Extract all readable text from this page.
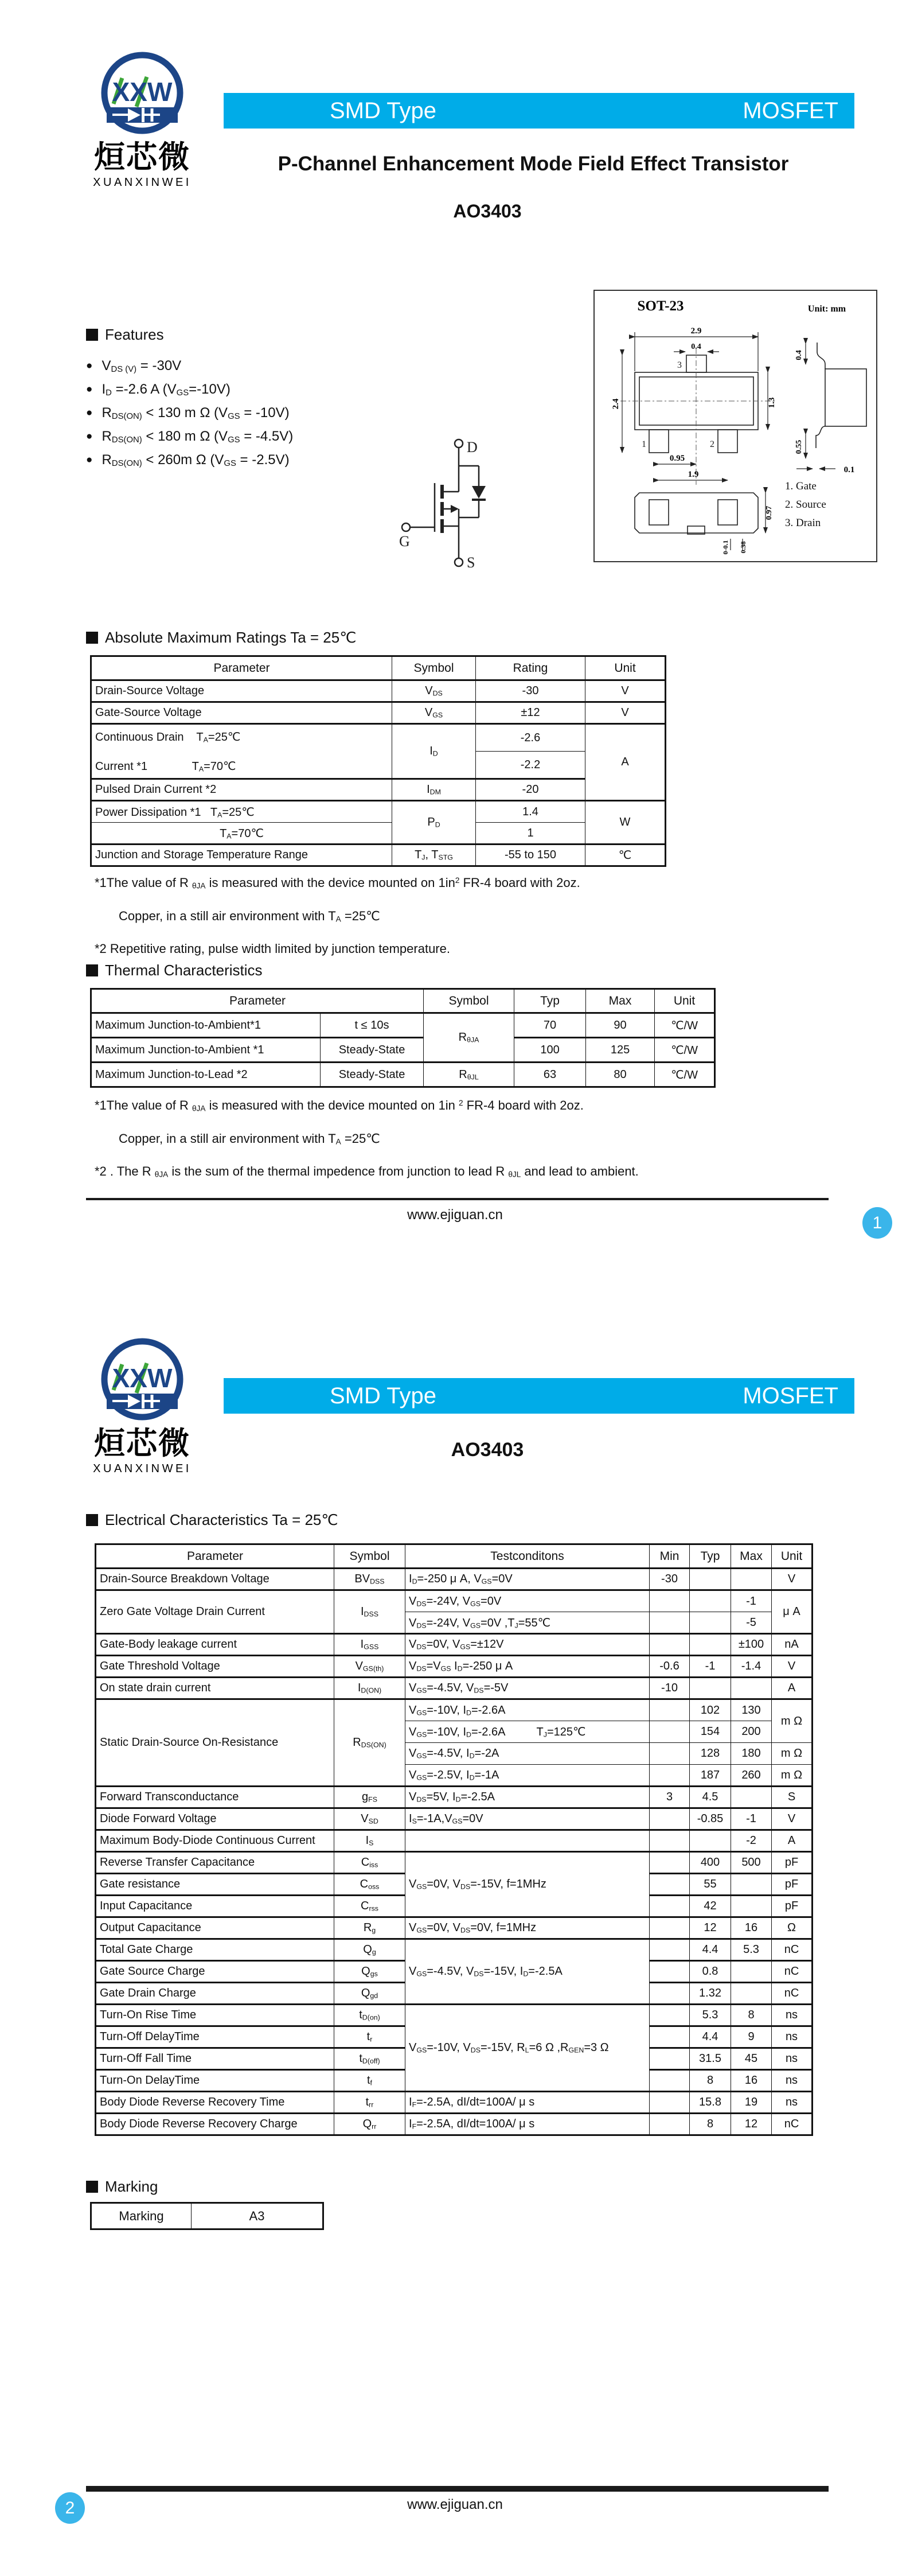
XXW
烜芯微
XUANXINWEI
SMD Type	MOSFET
P-Channel Enhancement Mode Field Effect Transistor
AO3403
Features
● $V_{DS (V)} = -30V$
● $I_D =-2.6$ A $(V_{GS}=-10V)$
● $R_{DS(ON)} < 130$ m Ω $(V_{GS} = -10V)$
● $R_{DS(ON)} < 180$ m Ω $(V_{GS} = -4.5V)$
● $R_{DS(ON)} < 260m$ Ω $(V_{GS} = -2.5V)$
D
G
S
SOT-23	Unit: mm
2.9
0.4
2.4	1.3
0.95
1.9
1	2
3
0.4
0.55
0.1
0.97
0-0.1 0.38
1. Gate
2. Source
3. Drain
Absolute Maximum Ratings Ta = 25℃
Parameter	Symbol	Rating	Unit
Drain-Source Voltage	$V_{DS}$	-30	V
Gate-Source Voltage	$V_{GS}$	±12	V

Continuous Drain    $T_A=25℃$
Current *1              $T_A=70℃$	$I_D$	-2.6	A
		-2.2	
Pulsed Drain Current *2	$I_{DM}$	-20	
Power Dissipation *1   $T_A=25℃$	$P_D$	1.4	W
$T_A=70℃$		1	
Junction and Storage Temperature Range	$T_J$, $T_{STG}$	-55 to 150	℃
*1The value of R $_{\theta JA}$ is measured with the device mounted on $1in^2$ FR-4 board with 2oz.
Copper, in a still air environment with $T_A$ =25℃
*2 Repetitive rating, pulse width limited by junction temperature.
Thermal Characteristics
Parameter		Symbol	Typ	Max	Unit
Maximum Junction-to-Ambient*1	t ≤ 10s	$R_{\theta JA}$	70	90	℃/W
Maximum Junction-to-Ambient *1	Steady-State		100	125	℃/W
Maximum Junction-to-Lead *2	Steady-State	$R_{\theta JL}$	63	80	℃/W
*1The value of R $_{\theta JA}$ is measured with the device mounted on 1in $^2$ FR-4 board with 2oz.
Copper, in a still air environment with $T_A$ =25℃
*2 . The R $_{\theta JA}$ is the sum of the thermal impedence from junction to lead R $_{\theta JL}$ and lead to ambient.
www.ejiguan.cn	1
XXW
烜芯微
XUANXINWEI
SMD Type	MOSFET
AO3403
Electrical Characteristics Ta = 25℃
Parameter	Symbol	Testconditons	Min	Typ	Max	Unit
Drain-Source Breakdown Voltage	$BV_{DSS}$	$I_D=-250$ μ A, $V_{GS}=0V$	-30			V
Zero Gate Voltage Drain Current	$I_{DSS}$	$V_{DS}=-24V$, $V_{GS}=0V$			-1	μ A
		$V_{DS}=-24V$, $V_{GS}=0V$ $,T_J=55℃$			-5	
Gate-Body leakage current	$I_{GSS}$	$V_{DS}=0V$, $V_{GS}=\pm 12V$			±100	nA
Gate Threshold Voltage	$V_{GS(th)}$	$V_{DS}=V_{GS}$ $I_D=-250$ μ A	-0.6	-1	-1.4	V
On state drain current	$I_{D(ON)}$	$V_{GS}=-4.5V$, $V_{DS}=-5V$	-10			A
Static Drain-Source On-Resistance	$R_{DS(ON)}$	$V_{GS}=-10V$, $I_D=-2.6A$		102	130	m Ω
		$V_{GS}=-10V$, $I_D=-2.6A$          $T_J=125℃$		154	200	
		$V_{GS}=-4.5V$, $I_D=-2A$		128	180	m Ω
		$V_{GS}=-2.5V$, $I_D=-1A$		187	260	m Ω
Forward Transconductance	$g_{FS}$	$V_{DS}=5V$, $I_D=-2.5A$	3	4.5		S
Diode Forward Voltage	$V_{SD}$	$I_S=-1A,V_{GS}=0V$		-0.85	-1	V
Maximum Body-Diode Continuous Current	$I_S$				-2	A
Reverse Transfer Capacitance	$C_{iss}$	$V_{GS}=0V$, $V_{DS}=-15V$, f=1MHz		400	500	pF
Gate resistance	$C_{oss}$			55		pF
Input Capacitance	$C_{rss}$			42		pF
Output Capacitance	$R_g$	$V_{GS}=0V$, $V_{DS}=0V$, f=1MHz		12	16	Ω
Total Gate Charge	$Q_g$	$V_{GS}=-4.5V$, $V_{DS}=-15V$, $I_D=-2.5A$		4.4	5.3	nC
Gate Source Charge	$Q_{gs}$			0.8		nC
Gate Drain Charge	$Q_{gd}$			1.32		nC
Turn-On Rise Time	$t_{D(on)}$	$V_{GS}=-10V$, $V_{DS}=-15V$, $R_L=6$ Ω $,R_{GEN}=3$ Ω		5.3	8	ns
Turn-Off DelayTime	$t_r$			4.4	9	ns
Turn-Off Fall Time	$t_{D(off)}$			31.5	45	ns
Turn-On DelayTime	$t_f$			8	16	ns
Body Diode Reverse Recovery Time	$t_{rr}$	$I_F=-2.5A$, dI/dt=100A/ μ s		15.8	19	ns
Body Diode Reverse Recovery Charge	$Q_{rr}$	$I_F=-2.5A$, dI/dt=100A/ μ s		8	12	nC
Marking
Marking	A3
2	www.ejiguan.cn
